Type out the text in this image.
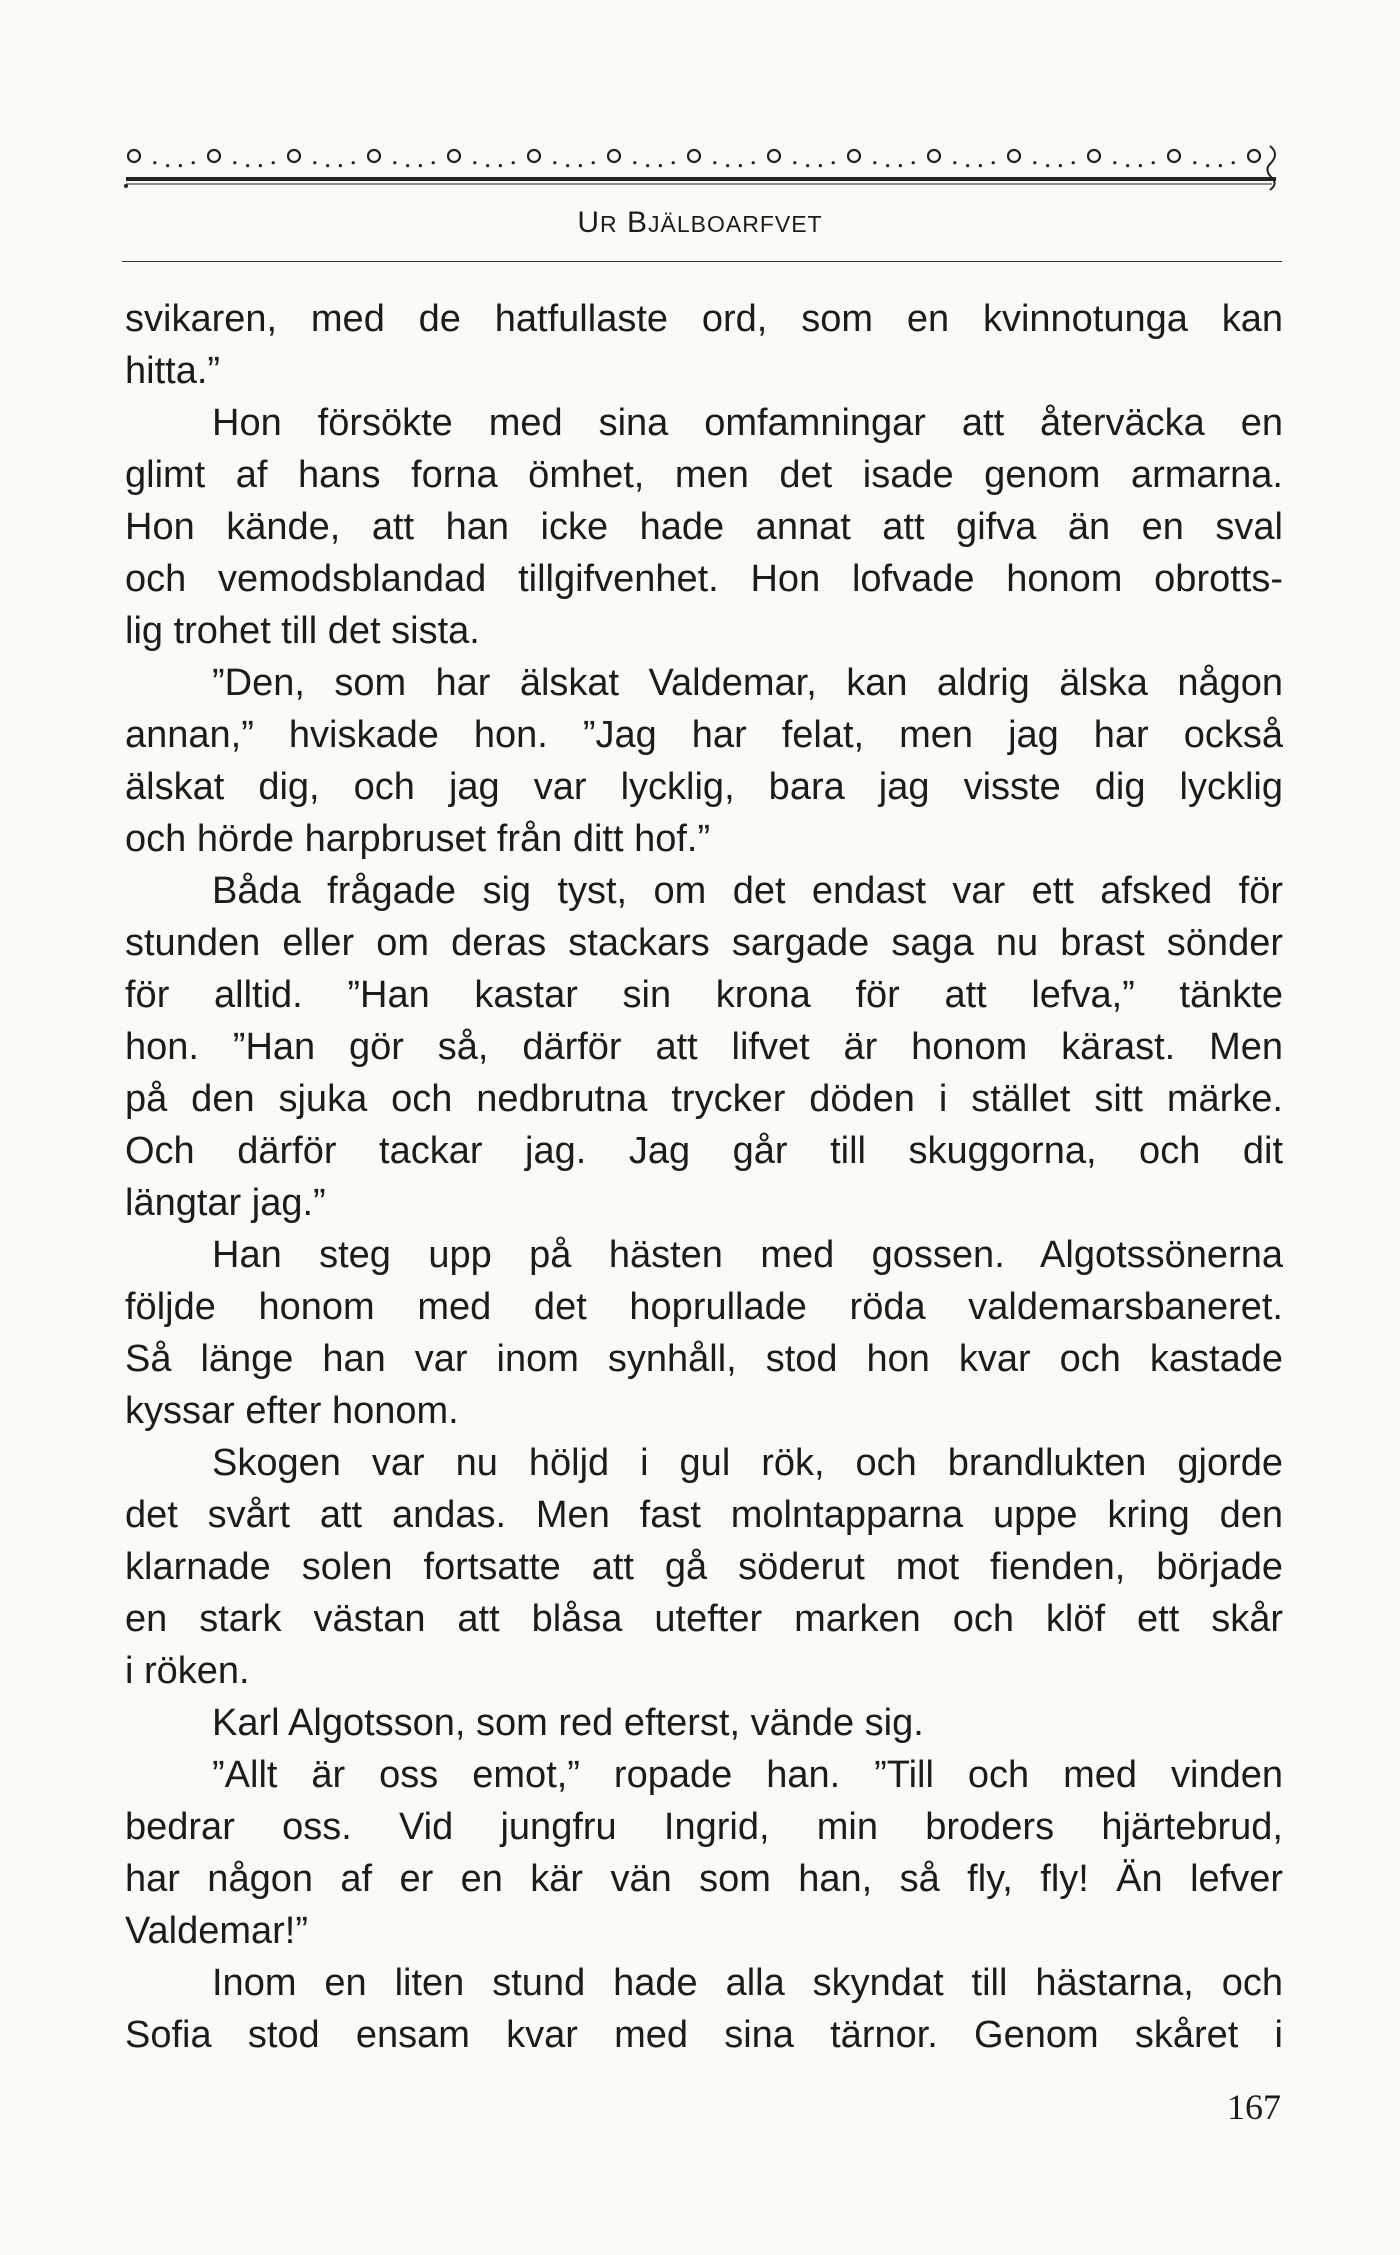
UR BJÄLBOARFVET
svikaren, med de hatfullaste ord, som en kvinnotunga kan
hitta.”
Hon försökte med sina omfamningar att återväcka en
glimt af hans forna ömhet, men det isade genom armarna.
Hon kände, att han icke hade annat att gifva än en sval
och vemodsblandad tillgifvenhet. Hon lofvade honom obrotts-
lig trohet till det sista.
”Den, som har älskat Valdemar, kan aldrig älska någon
annan,” hviskade hon. ”Jag har felat, men jag har också
älskat dig, och jag var lycklig, bara jag visste dig lycklig
och hörde harpbruset från ditt hof.”
Båda frågade sig tyst, om det endast var ett afsked för
stunden eller om deras stackars sargade saga nu brast sönder
för alltid. ”Han kastar sin krona för att lefva,” tänkte
hon. ”Han gör så, därför att lifvet är honom kärast. Men
på den sjuka och nedbrutna trycker döden i stället sitt märke.
Och därför tackar jag. Jag går till skuggorna, och dit
längtar jag.”
Han steg upp på hästen med gossen. Algotssönerna
följde honom med det hoprullade röda valdemarsbaneret.
Så länge han var inom synhåll, stod hon kvar och kastade
kyssar efter honom.
Skogen var nu höljd i gul rök, och brandlukten gjorde
det svårt att andas. Men fast molntapparna uppe kring den
klarnade solen fortsatte att gå söderut mot fienden, började
en stark västan att blåsa utefter marken och klöf ett skår
i röken.
Karl Algotsson, som red efterst, vände sig.
”Allt är oss emot,” ropade han. ”Till och med vinden
bedrar oss. Vid jungfru Ingrid, min broders hjärtebrud,
har någon af er en kär vän som han, så fly, fly! Än lefver
Valdemar!”
Inom en liten stund hade alla skyndat till hästarna, och
Sofia stod ensam kvar med sina tärnor. Genom skåret i
167
